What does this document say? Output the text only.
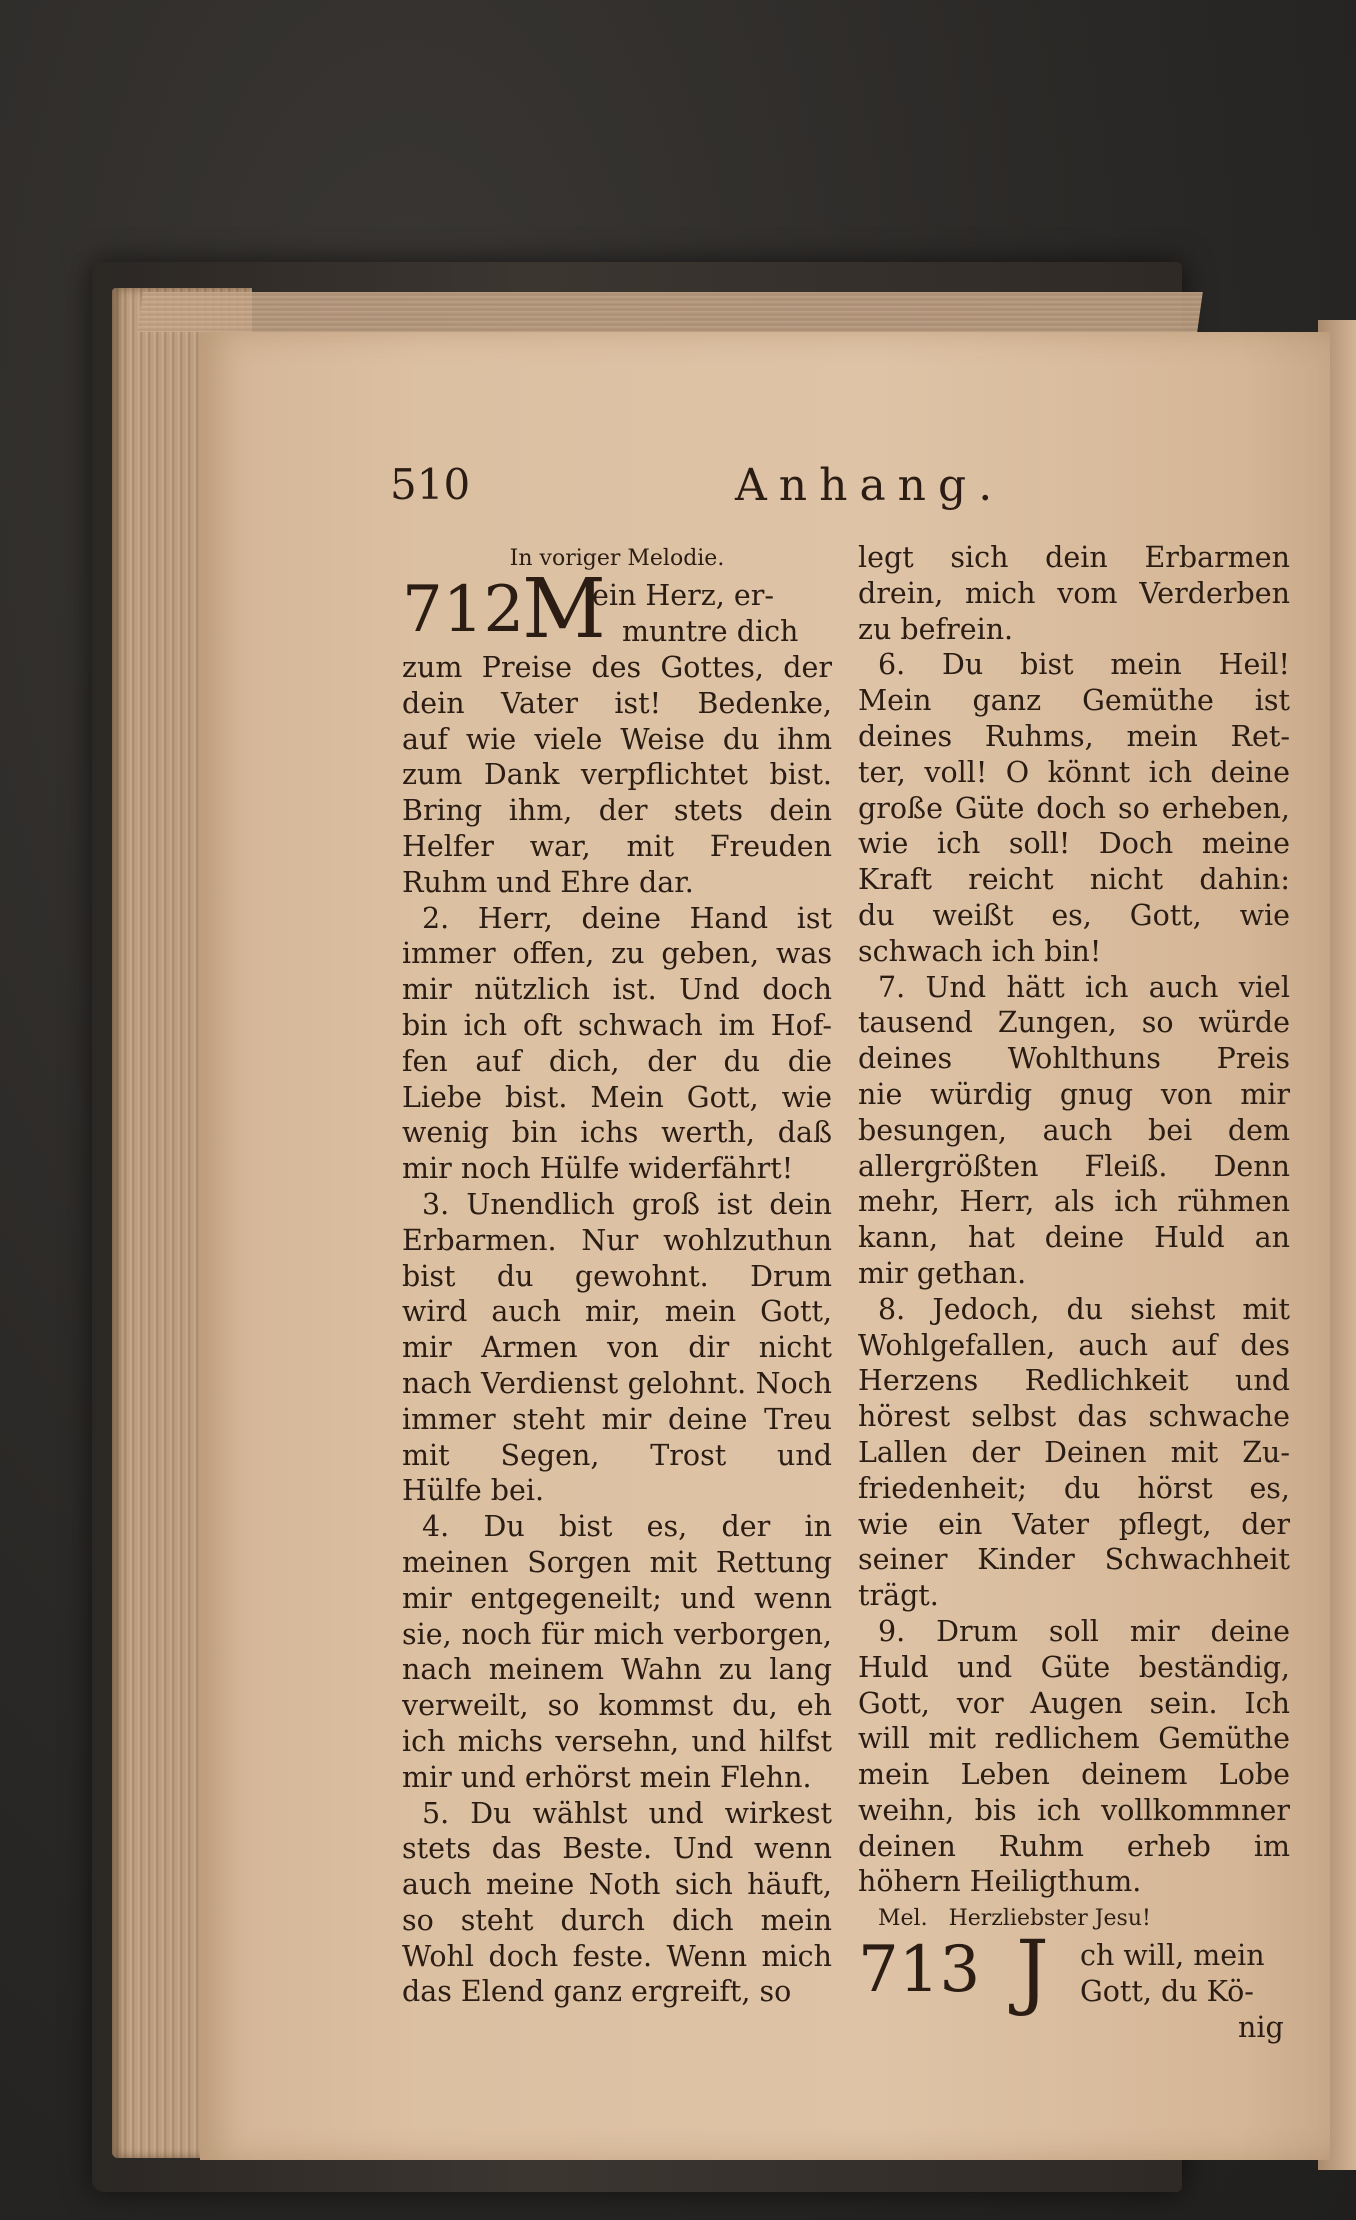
510	Anhang.
In voriger Melodie.
712
M
ein Herz, er-
muntre dich
zum Preise des Gottes, der
dein Vater ist! Bedenke,
auf wie viele Weise du ihm
zum Dank verpflichtet bist.
Bring ihm, der stets dein
Helfer war, mit Freuden
Ruhm und Ehre dar.
2. Herr, deine Hand ist
immer offen, zu geben, was
mir nützlich ist. Und doch
bin ich oft schwach im Hof-
fen auf dich, der du die
Liebe bist. Mein Gott, wie
wenig bin ichs werth, daß
mir noch Hülfe widerfährt!
3. Unendlich groß ist dein
Erbarmen. Nur wohlzuthun
bist du gewohnt. Drum
wird auch mir, mein Gott,
mir Armen von dir nicht
nach Verdienst gelohnt. Noch
immer steht mir deine Treu
mit Segen, Trost und
Hülfe bei.
4. Du bist es, der in
meinen Sorgen mit Rettung
mir entgegeneilt; und wenn
sie, noch für mich verborgen,
nach meinem Wahn zu lang
verweilt, so kommst du, eh
ich michs versehn, und hilfst
mir und erhörst mein Flehn.
5. Du wählst und wirkest
stets das Beste. Und wenn
auch meine Noth sich häuft,
so steht durch dich mein
Wohl doch feste. Wenn mich
das Elend ganz ergreift, so
legt sich dein Erbarmen
drein, mich vom Verderben
zu befrein.
6. Du bist mein Heil!
Mein ganz Gemüthe ist
deines Ruhms, mein Ret-
ter, voll! O könnt ich deine
große Güte doch so erheben,
wie ich soll! Doch meine
Kraft reicht nicht dahin:
du weißt es, Gott, wie
schwach ich bin!
7. Und hätt ich auch viel
tausend Zungen, so würde
deines Wohlthuns Preis
nie würdig gnug von mir
besungen, auch bei dem
allergrößten Fleiß. Denn
mehr, Herr, als ich rühmen
kann, hat deine Huld an
mir gethan.
8. Jedoch, du siehst mit
Wohlgefallen, auch auf des
Herzens Redlichkeit und
hörest selbst das schwache
Lallen der Deinen mit Zu-
friedenheit; du hörst es,
wie ein Vater pflegt, der
seiner Kinder Schwachheit
trägt.
9. Drum soll mir deine
Huld und Güte beständig,
Gott, vor Augen sein. Ich
will mit redlichem Gemüthe
mein Leben deinem Lobe
weihn, bis ich vollkommner
deinen Ruhm erheb im
höhern Heiligthum.
Mel. Herzliebster Jesu!
713 J ch will, mein
Gott, du Kö-
nig
